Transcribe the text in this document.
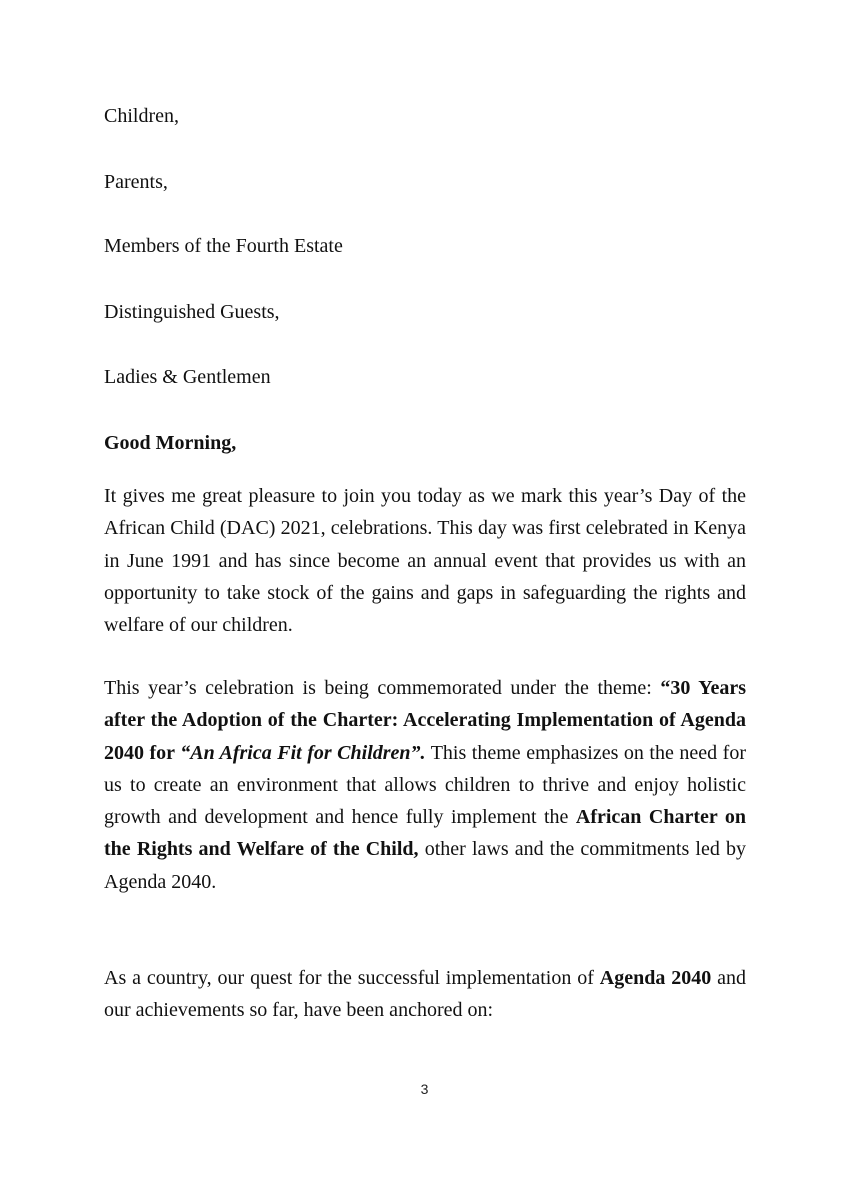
Children,
Parents,
Members of the Fourth Estate
Distinguished Guests,
Ladies & Gentlemen
Good Morning,

It gives me great pleasure to join you today as we mark this year’s Day of the African Child (DAC) 2021, celebrations. This day was first celebrated in Kenya in June 1991 and has since become an annual event that provides us with an opportunity to take stock of the gains and gaps in safeguarding the rights and welfare of our children.

This year’s celebration is being commemorated under the theme: “30 Years after the Adoption of the Charter: Accelerating Implementation of Agenda 2040 for “An Africa Fit for Children”. This theme emphasizes on the need for us to create an environment that allows children to thrive and enjoy holistic growth and development and hence fully implement the African Charter on the Rights and Welfare of the Child, other laws and the commitments led by Agenda 2040.

As a country, our quest for the successful implementation of Agenda 2040 and our achievements so far, have been anchored on:

3
